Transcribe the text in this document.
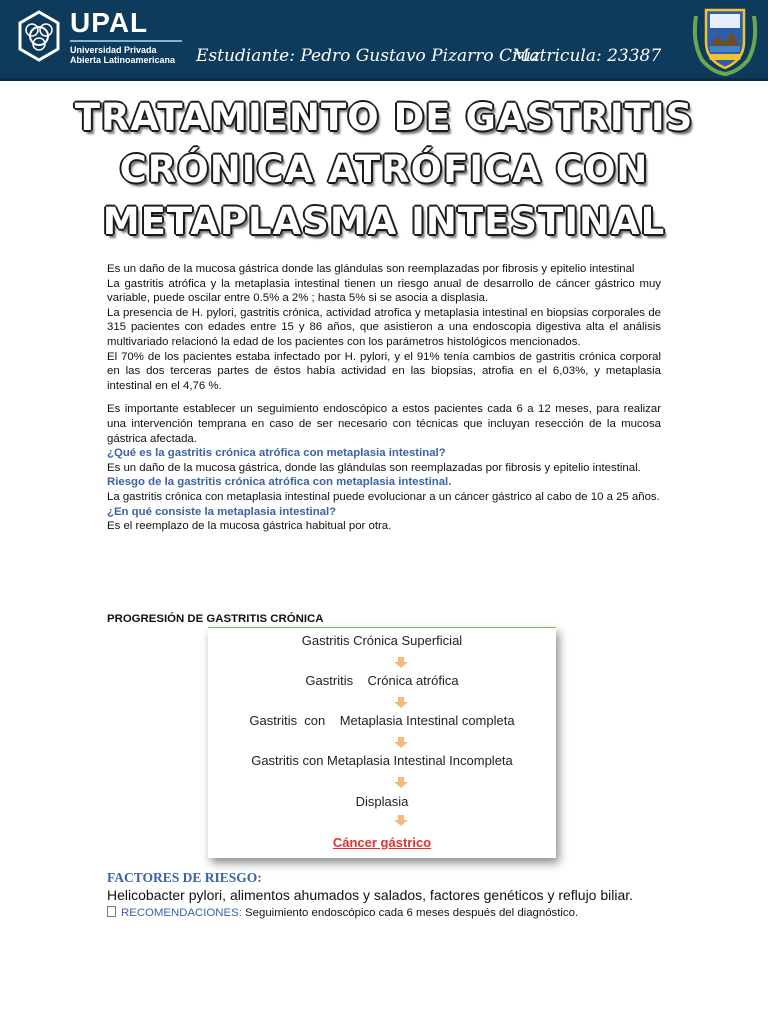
UPAL
Universidad Privada
Abierta Latinoamericana	Estudiante: Pedro Gustavo Pizarro Cruz
Matricula: 23387
TRATAMIENTO DE GASTRITIS
CRÓNICA ATRÓFICA CON
METAPLASMA INTESTINAL

Es un daño de la mucosa gástrica donde las glándulas son reemplazadas por fibrosis y epitelio intestinal

La gastritis atrófica y la metaplasia intestinal tienen un riesgo anual de desarrollo de cáncer gástrico muy variable, puede oscilar entre 0.5% a 2% ; hasta 5% si se asocia a displasia.

La presencia de H. pylori, gastritis crónica, actividad atrofica y metaplasia intestinal en biopsias corporales de 315 pacientes con edades entre 15 y 86 años, que asistieron a una endoscopia digestiva alta el análisis multivariado relacionó la edad de los pacientes con los parámetros histológicos mencionados.

El 70% de los pacientes estaba infectado por H. pylori, y el 91% tenía cambios de gastritis crónica corporal en las dos terceras partes de éstos había actividad en las biopsias, atrofia en el 6,03%, y metaplasia intestinal en el 4,76 %.

Es importante establecer un seguimiento endoscópico a estos pacientes cada 6 a 12 meses, para realizar una intervención temprana en caso de ser necesario con técnicas que incluyan resección de la mucosa gástrica afectada.

¿Qué es la gastritis crónica atrófica con metaplasia intestinal?

Es un daño de la mucosa gástrica, donde las glándulas son reemplazadas por fibrosis y epitelio intestinal.

Riesgo de la gastritis crónica atrófica con metaplasia intestinal.

La gastritis crónica con metaplasia intestinal puede evolucionar a un cáncer gástrico al cabo de 10 a 25 años.

¿En qué consiste la metaplasia intestinal?

Es el reemplazo de la mucosa gástrica habitual por otra.

PROGRESIÓN DE GASTRITIS CRÓNICA
Gastritis Crónica Superficial
Gastritis    Crónica atrófica
Gastritis  con    Metaplasia Intestinal completa
Gastritis con Metaplasia Intestinal Incompleta
Displasia
Cáncer gástrico
FACTORES DE RIESGO:
Helicobacter pylori, alimentos ahumados y salados, factores genéticos y reflujo biliar.
RECOMENDACIONES: Seguimiento endoscópico cada 6 meses después del diagnóstico.
